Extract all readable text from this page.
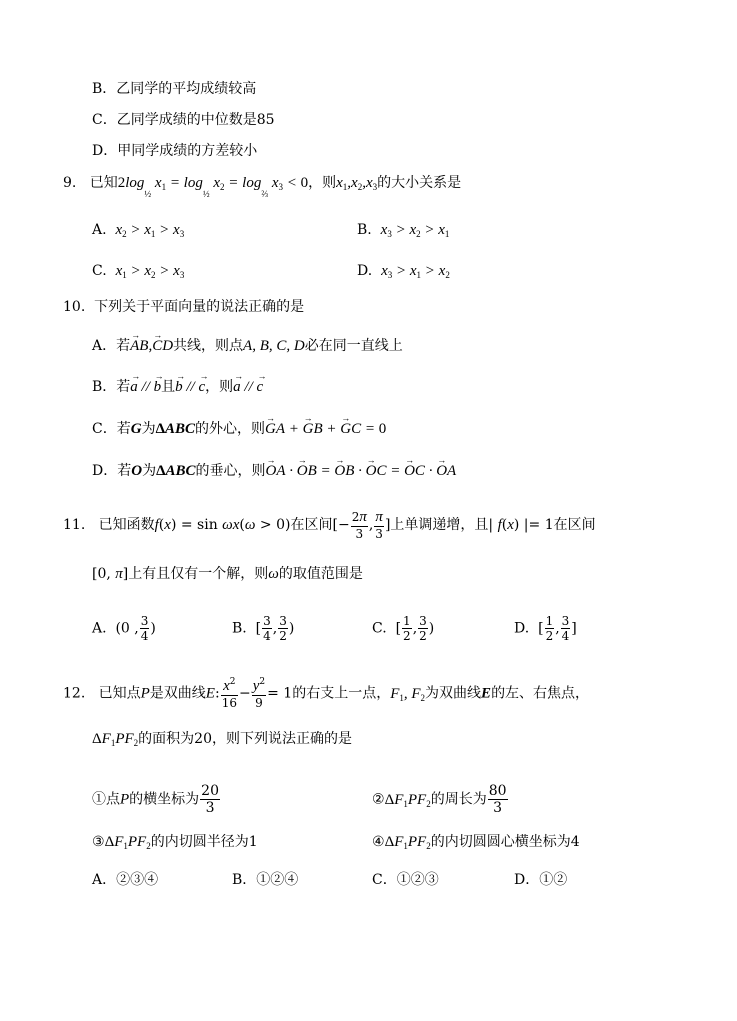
B．乙同学的平均成绩较高
C．乙同学成绩的中位数是85
D．甲同学成绩的方差较小
9. 已知$2\log_{\frac{1}{2}}$ $x_1 = \log_{\frac{1}{2}} x_2 = \log_{\frac{2}{3}} x_3 < 0$，则$x_1,x_2,x_3$的大小关系是
A. $x_2 > x_1 > x_3$	B. $x_3 > x_2 > x_1$
C. $x_1 > x_2 > x_3$	D. $x_3 > x_1 > x_2$
10. 下列关于平面向量的说法正确的是
A．若→ AB,→ CD共线，则点A, B, C, D必在同一直线上
B．若→ a // → b且→ b // → c，则→ a // → c
C．若G为ΔABC的外心，则→ GA + → GB + → GC = 0
D．若O为ΔABC的垂心，则→ OA · → OB = → OB · → OC = → OC · → OA
11. 已知函数f(x) = sin ωx(ω > 0)在区间[− $\frac{2\pi}{3}$ , $\frac{\pi}{3}$ ]上单调递增，且| f(x) |= 1在区间
[0, π]上有且仅有一个解，则ω的取值范围是
A.  (0 , $\frac{3}{4}$ )	B.  [ $\frac{3}{4}$ , $\frac{3}{2}$ )	C.  [ $\frac{1}{2}$ , $\frac{3}{2}$ )	D.  [ $\frac{1}{2}$ , $\frac{3}{4}$ ]
12. 已知点P是双曲线E: $\frac{x^2}{16} - \frac{y^2}{9} = 1$的右支上一点，$F_1$, $F_2$为双曲线E的左、右焦点，
$\Delta F_1PF_2$的面积为20，则下列说法正确的是
①点P的横坐标为 $\frac{20}{3}$	$②\Delta F_1PF_2$的周长为 $\frac{80}{3}$
$③\Delta F_1PF_2$的内切圆半径为1	$④\Delta F_1PF_2$的内切圆圆心横坐标为4
A．②③④	B．①②④	C．①②③	D．①②
